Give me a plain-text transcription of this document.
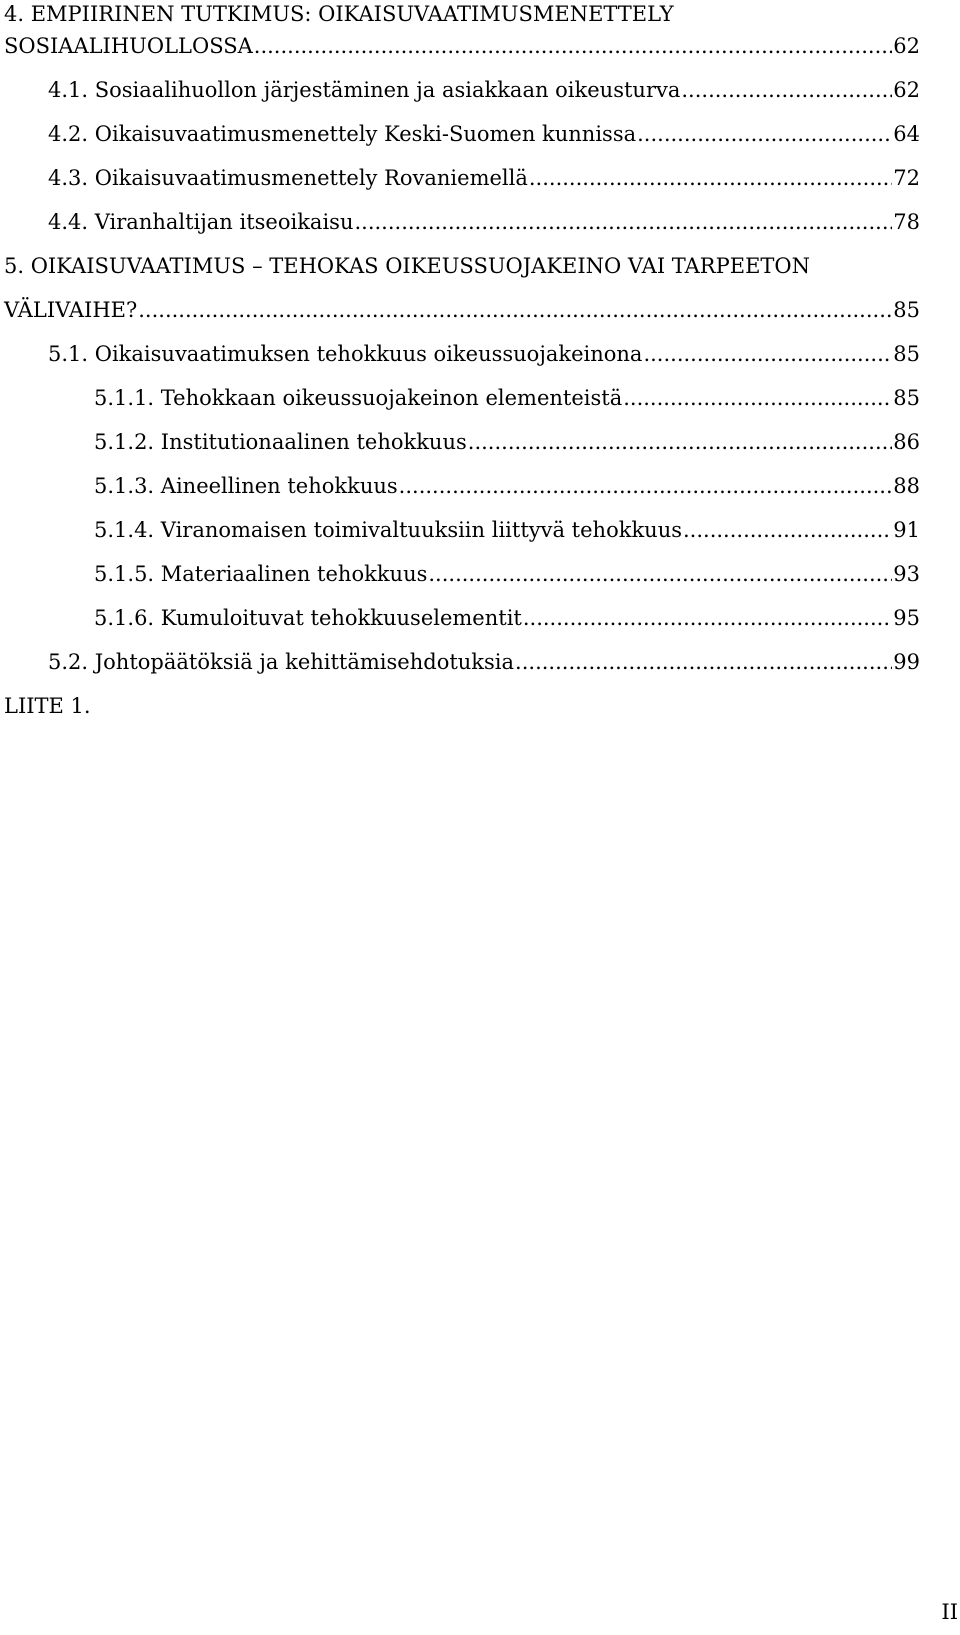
4. EMPIIRINEN TUTKIMUS: OIKAISUVAATIMUSMENETTELY
SOSIAALIHUOLLOSSA .....	62
4.1. Sosiaalihuollon järjestäminen ja asiakkaan oikeusturva .....	62
4.2. Oikaisuvaatimusmenettely Keski-Suomen kunnissa .....	64
4.3. Oikaisuvaatimusmenettely Rovaniemellä .....	72
4.4. Viranhaltijan itseoikaisu .....	78
5. OIKAISUVAATIMUS – TEHOKAS OIKEUSSUOJAKEINO VAI TARPEETON
VÄLIVAIHE? .....	85
5.1. Oikaisuvaatimuksen tehokkuus oikeussuojakeinona .....	85
5.1.1. Tehokkaan oikeussuojakeinon elementeistä .....	85
5.1.2. Institutionaalinen tehokkuus .....	86
5.1.3. Aineellinen tehokkuus .....	88
5.1.4. Viranomaisen toimivaltuuksiin liittyvä tehokkuus .....	91
5.1.5. Materiaalinen tehokkuus .....	93
5.1.6. Kumuloituvat tehokkuuselementit .....	95
5.2. Johtopäätöksiä ja kehittämisehdotuksia .....	99
LIITE 1.
II
